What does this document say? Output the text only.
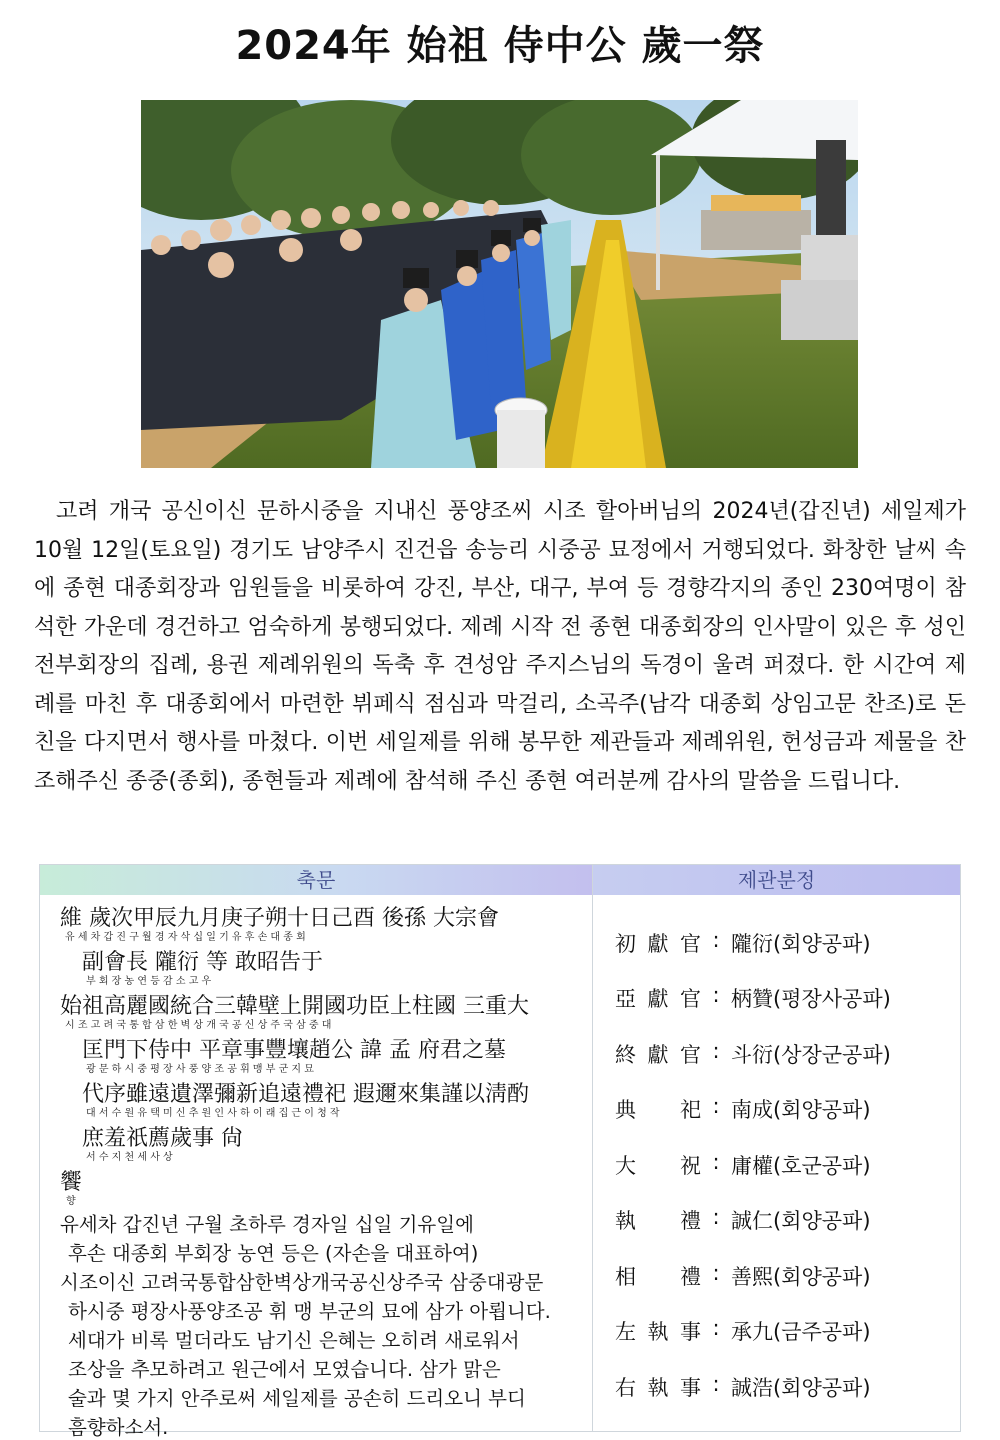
2024年 始祖 侍中公 歲一祭
고려 개국 공신이신 문하시중을 지내신 풍양조씨 시조 할아버님의 2024년(갑진년) 세일제가 10월 12일(토요일) 경기도 남양주시 진건읍 송능리 시중공 묘정에서 거행되었다. 화창한 날씨 속에 종현 대종회장과 임원들을 비롯하여 강진, 부산, 대구, 부여 등 경향각지의 종인 230여명이 참석한 가운데 경건하고 엄숙하게 봉행되었다. 제례 시작 전 종현 대종회장의 인사말이 있은 후 성인 전부회장의 집례, 용권 제례위원의 독축 후 견성암 주지스님의 독경이 울려 퍼졌다. 한 시간여 제례를 마친 후 대종회에서 마련한 뷔페식 점심과 막걸리, 소곡주(남각 대종회 상임고문 찬조)로 돈친을 다지면서 행사를 마쳤다. 이번 세일제를 위해 봉무한 제관들과 제례위원, 헌성금과 제물을 찬조해주신 종중(종회), 종현들과 제례에 참석해 주신 종현 여러분께 감사의 말씀을 드립니다.
축문	제관분정
維 歲次甲辰九月庚子朔十日己酉 後孫 大宗會
유 세 차 갑 진 구 월 경 자 삭 십 일 기 유 후 손 대 종 회
副會長 隴衍 等 敢昭告于
부 회 장 농 연 등 감 소 고 우
始祖高麗國統合三韓壁上開國功臣上柱國 三重大
시 조 고 려 국 통 합 삼 한 벽 상 개 국 공 신 상 주 국 삼 중 대
匡門下侍中 平章事豐壤趙公 諱 孟 府君之墓
광 문 하 시 중 평 장 사 풍 양 조 공 휘 맹 부 군 지 묘
代序雖遠遺澤彌新追遠禮祀 遐邇來集謹以淸酌
대 서 수 원 유 택 미 신 추 원 인 사 하 이 래 집 근 이 청 작
庶羞祇薦歲事 尙
서 수 지 천 세 사 상
饗
향
유세차 갑진년 구월 초하루 경자일 십일 기유일에
후손 대종회 부회장 농연 등은 (자손을 대표하여)
시조이신 고려국통합삼한벽상개국공신상주국 삼중대광문
하시중 평장사풍양조공 휘 맹 부군의 묘에 삼가 아룁니다.
세대가 비록 멀더라도 남기신 은혜는 오히려 새로워서
조상을 추모하려고 원근에서 모였습니다. 삼가 맑은
술과 몇 가지 안주로써 세일제를 공손히 드리오니 부디
흠향하소서.
初獻官 : 隴衍(회양공파)
亞獻官 : 柄贊(평장사공파)
終獻官 : 斗衍(상장군공파)
典　祀 : 南成(회양공파)
大　祝 : 庸權(호군공파)
執　禮 : 誠仁(회양공파)
相　禮 : 善熙(회양공파)
左執事 : 承九(금주공파)
右執事 : 誠浩(회양공파)
